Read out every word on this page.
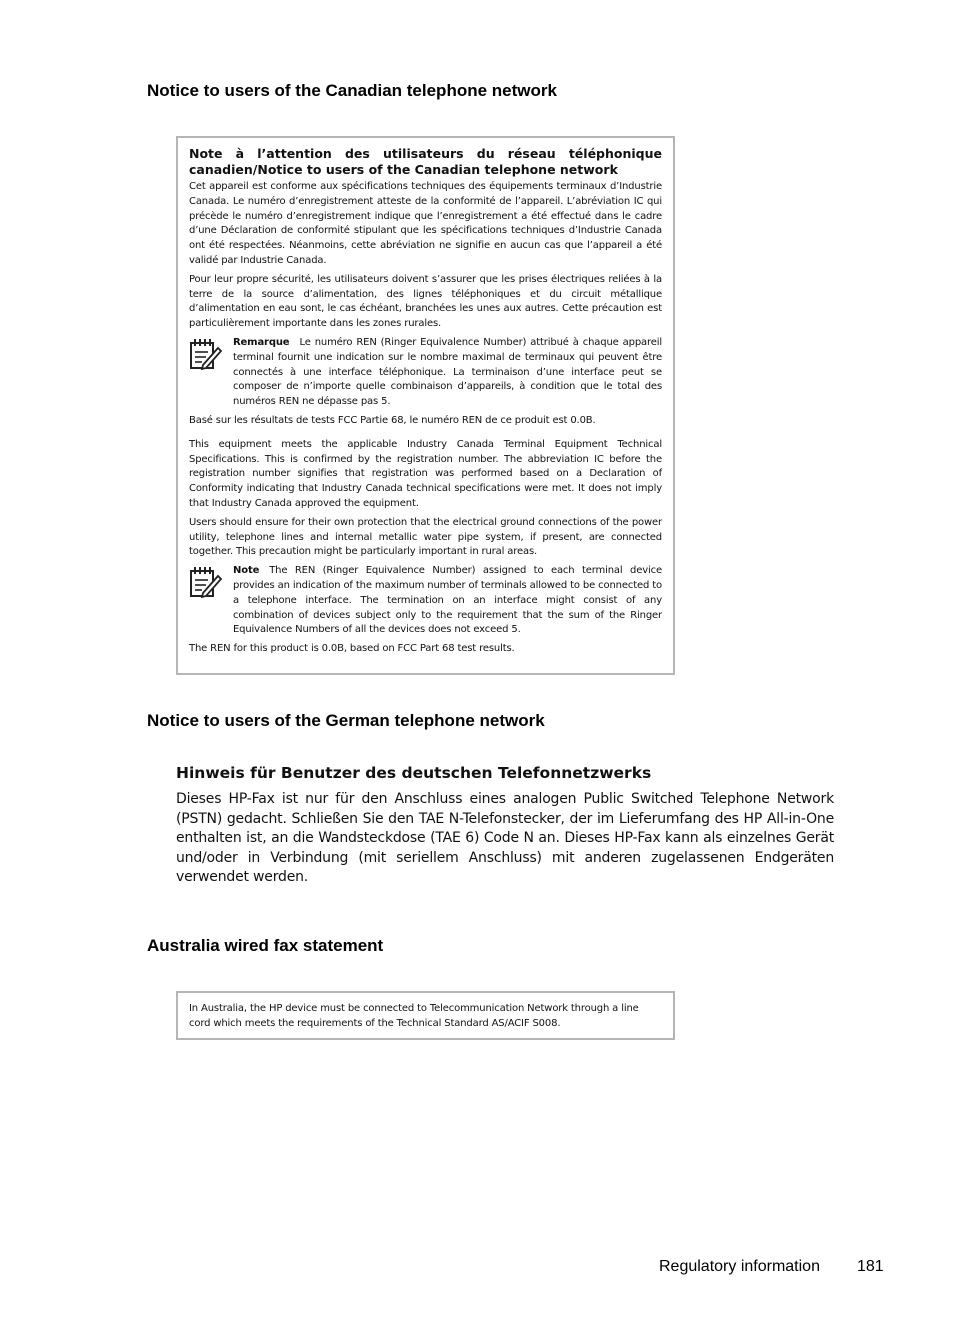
Notice to users of the Canadian telephone network
Note à l’attention des utilisateurs du réseau téléphonique canadien/Notice to users of the Canadian telephone network

Cet appareil est conforme aux spécifications techniques des équipements terminaux d’Industrie Canada. Le numéro d’enregistrement atteste de la conformité de l’appareil. L’abréviation IC qui précède le numéro d’enregistrement indique que l’enregistrement a été effectué dans le cadre d’une Déclaration de conformité stipulant que les spécifications techniques d’Industrie Canada ont été respectées. Néanmoins, cette abréviation ne signifie en aucun cas que l’appareil a été validé par Industrie Canada.

Pour leur propre sécurité, les utilisateurs doivent s’assurer que les prises électriques reliées à la terre de la source d’alimentation, des lignes téléphoniques et du circuit métallique d’alimentation en eau sont, le cas échéant, branchées les unes aux autres. Cette précaution est particulièrement importante dans les zones rurales.

Remarque Le numéro REN (Ringer Equivalence Number) attribué à chaque appareil terminal fournit une indication sur le nombre maximal de terminaux qui peuvent être connectés à une interface téléphonique. La terminaison d’une interface peut se composer de n’importe quelle combinaison d’appareils, à condition que le total des numéros REN ne dépasse pas 5.

Basé sur les résultats de tests FCC Partie 68, le numéro REN de ce produit est 0.0B.

This equipment meets the applicable Industry Canada Terminal Equipment Technical Specifications. This is confirmed by the registration number. The abbreviation IC before the registration number signifies that registration was performed based on a Declaration of Conformity indicating that Industry Canada technical specifications were met. It does not imply that Industry Canada approved the equipment.

Users should ensure for their own protection that the electrical ground connections of the power utility, telephone lines and internal metallic water pipe system, if present, are connected together. This precaution might be particularly important in rural areas.

Note The REN (Ringer Equivalence Number) assigned to each terminal device provides an indication of the maximum number of terminals allowed to be connected to a telephone interface. The termination on an interface might consist of any combination of devices subject only to the requirement that the sum of the Ringer Equivalence Numbers of all the devices does not exceed 5.

The REN for this product is 0.0B, based on FCC Part 68 test results.

Notice to users of the German telephone network
Hinweis für Benutzer des deutschen Telefonnetzwerks

Dieses HP-Fax ist nur für den Anschluss eines analogen Public Switched Telephone Network (PSTN) gedacht. Schließen Sie den TAE N-Telefonstecker, der im Lieferumfang des HP All-in-One enthalten ist, an die Wandsteckdose (TAE 6) Code N an. Dieses HP-Fax kann als einzelnes Gerät und/oder in Verbindung (mit seriellem Anschluss) mit anderen zugelassenen Endgeräten verwendet werden.

Australia wired fax statement

In Australia, the HP device must be connected to Telecommunication Network through a line cord which meets the requirements of the Technical Standard AS/ACIF S008.

Regulatory information 181
